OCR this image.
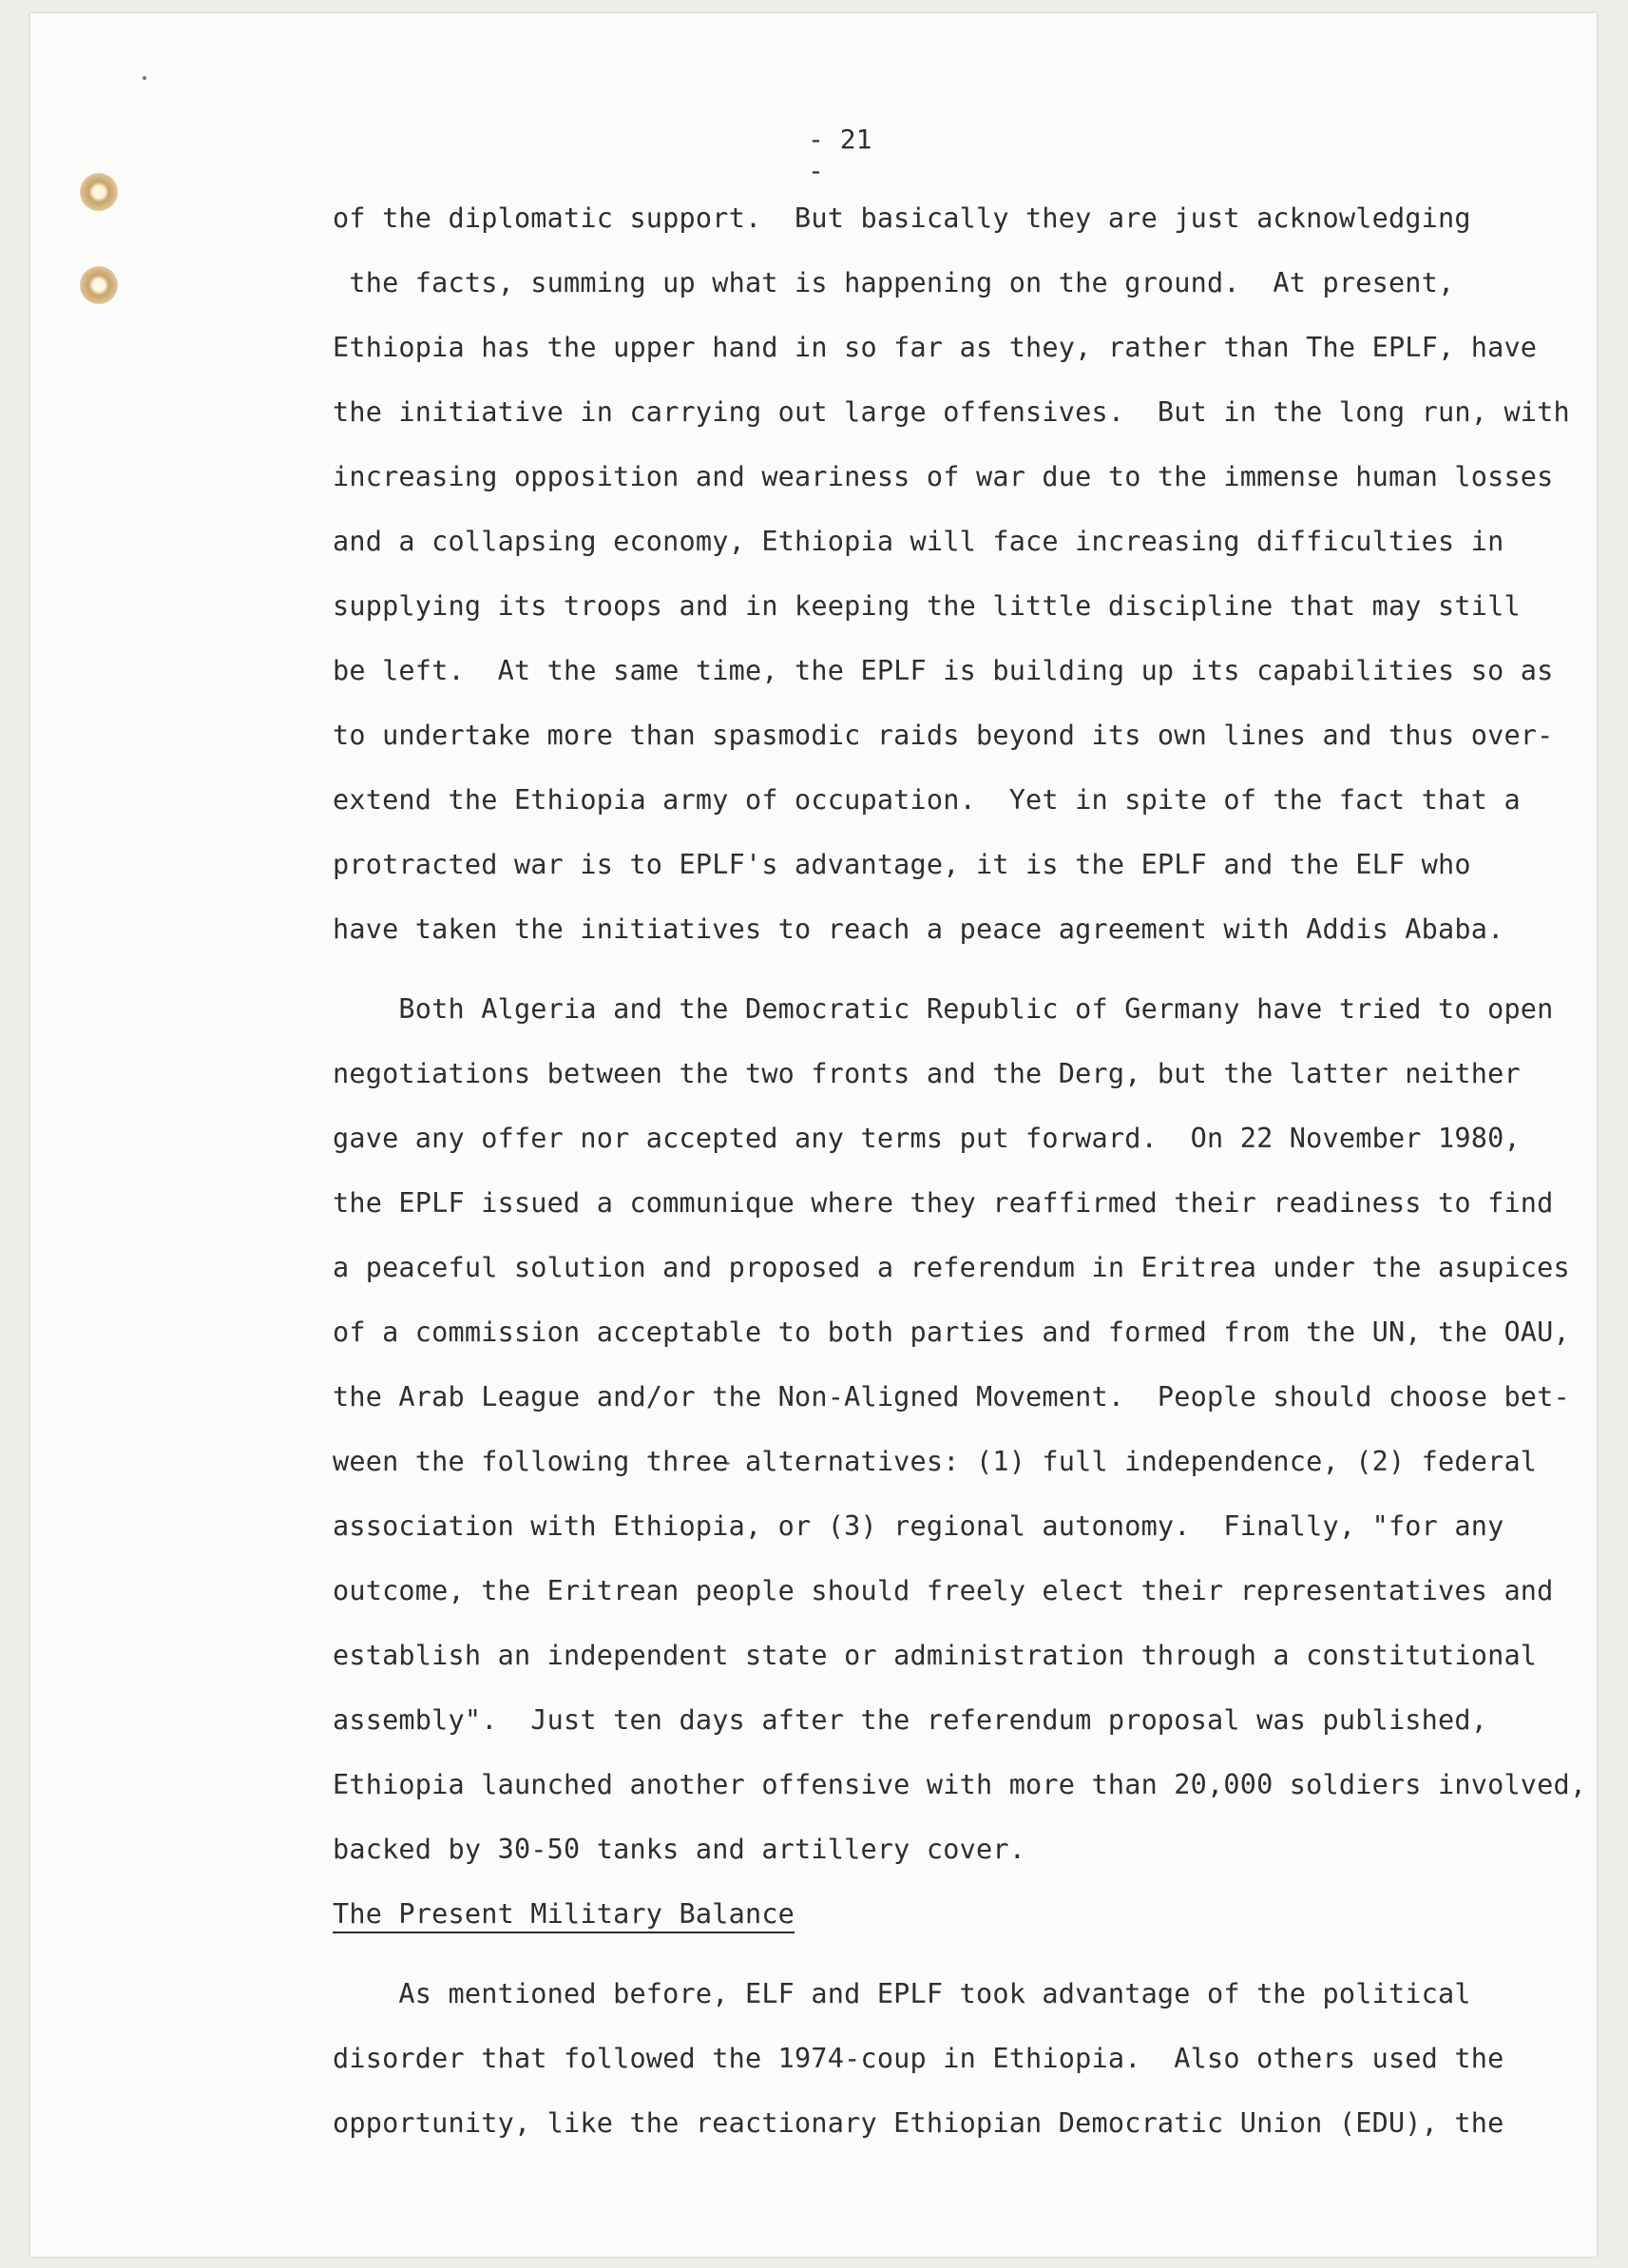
- 21 -
of the diplomatic support.  But basically they are just acknowledging
the facts, summing up what is happening on the ground.  At present,
Ethiopia has the upper hand in so far as they, rather than The EPLF, have
the initiative in carrying out large offensives.  But in the long run, with
increasing opposition and weariness of war due to the immense human losses
and a collapsing economy, Ethiopia will face increasing difficulties in
supplying its troops and in keeping the little discipline that may still
be left.  At the same time, the EPLF is building up its capabilities so as
to undertake more than spasmodic raids beyond its own lines and thus over-
extend the Ethiopia army of occupation.  Yet in spite of the fact that a
protracted war is to EPLF's advantage, it is the EPLF and the ELF who
have taken the initiatives to reach a peace agreement with Addis Ababa.
Both Algeria and the Democratic Republic of Germany have tried to open
negotiations between the two fronts and the Derg, but the latter neither
gave any offer nor accepted any terms put forward.  On 22 November 1980,
the EPLF issued a communique where they reaffirmed their readiness to find
a peaceful solution and proposed a referendum in Eritrea under the asupices
of a commission acceptable to both parties and formed from the UN, the OAU,
the Arab League and/or the Non-Aligned Movement.  People should choose bet-
ween the following three alternatives: (1) full independence, (2) federal
association with Ethiopia, or (3) regional autonomy.  Finally, "for any
outcome, the Eritrean people should freely elect their representatives and
establish an independent state or administration through a constitutional
assembly".  Just ten days after the referendum proposal was published,
Ethiopia launched another offensive with more than 20,000 soldiers involved,
backed by 30-50 tanks and artillery cover.
The Present Military Balance
As mentioned before, ELF and EPLF took advantage of the political
disorder that followed the 1974-coup in Ethiopia.  Also others used the
opportunity, like the reactionary Ethiopian Democratic Union (EDU), the
